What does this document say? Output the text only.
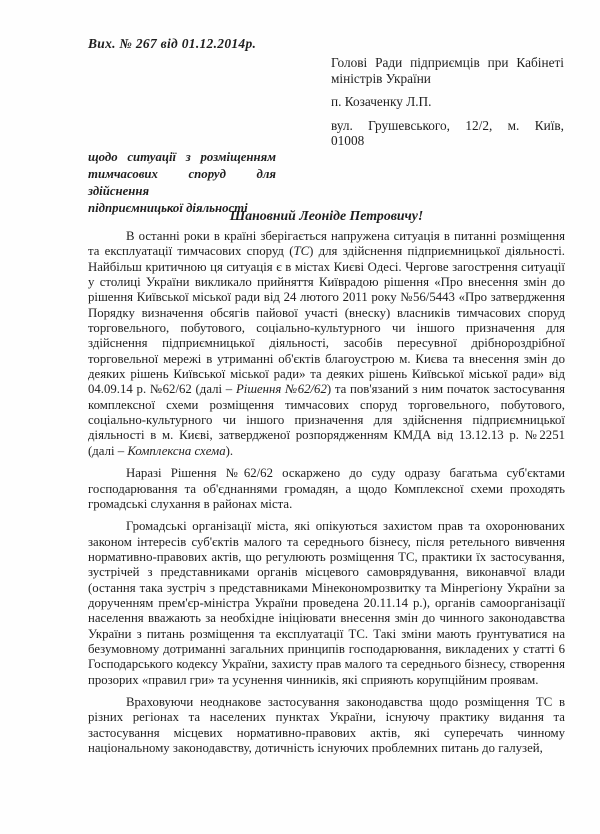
Вих. № 267 від 01.12.2014р.
Голові Ради підприємців при Кабінеті
міністрів України
п. Козаченку Л.П.
вул. Грушевського, 12/2, м. Київ,
01008
щодо ситуації з розміщенням
тимчасових споруд для здійснення
підприємницької діяльності
Шановний Леоніде Петровичу!

В останні роки в країні зберігається напружена ситуація в питанні розміщення та експлуатації тимчасових споруд (ТС) для здійснення підприємницької діяльності. Найбільш критичною ця ситуація є в містах Києві Одесі. Чергове загострення ситуації у столиці України викликало прийняття Київрадою рішення «Про внесення змін до рішення Київської міської ради від 24 лютого 2011 року №56/5443 «Про затвердження Порядку визначення обсягів пайової участі (внеску) власників тимчасових споруд торговельного, побутового, соціально-культурного чи іншого призначення для здійснення підприємницької діяльності, засобів пересувної дрібнороздрібної торговельної мережі в утриманні об'єктів благоустрою м. Києва та внесення змін до деяких рішень Київської міської ради» та деяких рішень Київської міської ради» від 04.09.14 р. №62/62 (далі – Рішення №62/62) та пов'язаний з ним початок застосування комплексної схеми розміщення тимчасових споруд торговельного, побутового, соціально-культурного чи іншого призначення для здійснення підприємницької діяльності в м. Києві, затвердженої розпорядженням КМДА від 13.12.13 р. №2251 (далі – Комплексна схема).

Наразі Рішення №62/62 оскаржено до суду одразу багатьма суб'єктами господарювання та об'єднаннями громадян, а щодо Комплексної схеми проходять громадські слухання в районах міста.

Громадські організації міста, які опікуються захистом прав та охоронюваних законом інтересів суб'єктів малого та середнього бізнесу, після ретельного вивчення нормативно-правових актів, що регулюють розміщення ТС, практики їх застосування, зустрічей з представниками органів місцевого самоврядування, виконавчої влади (остання така зустріч з представниками Мінекономрозвитку та Мінрегіону України за дорученням прем'єр-міністра України проведена 20.11.14 р.), органів самоорганізації населення вважають за необхідне ініціювати внесення змін до чинного законодавства України з питань розміщення та експлуатації ТС. Такі зміни мають ґрунтуватися на безумовному дотриманні загальних принципів господарювання, викладених у статті 6 Господарського кодексу України, захисту прав малого та середнього бізнесу, створення прозорих «правил гри» та усунення чинників, які сприяють корупційним проявам.

Враховуючи неоднакове застосування законодавства щодо розміщення ТС в різних регіонах та населених пунктах України, існуючу практику видання та застосування місцевих нормативно-правових актів, які суперечать чинному національному законодавству, дотичність існуючих проблемних питань до галузей,
